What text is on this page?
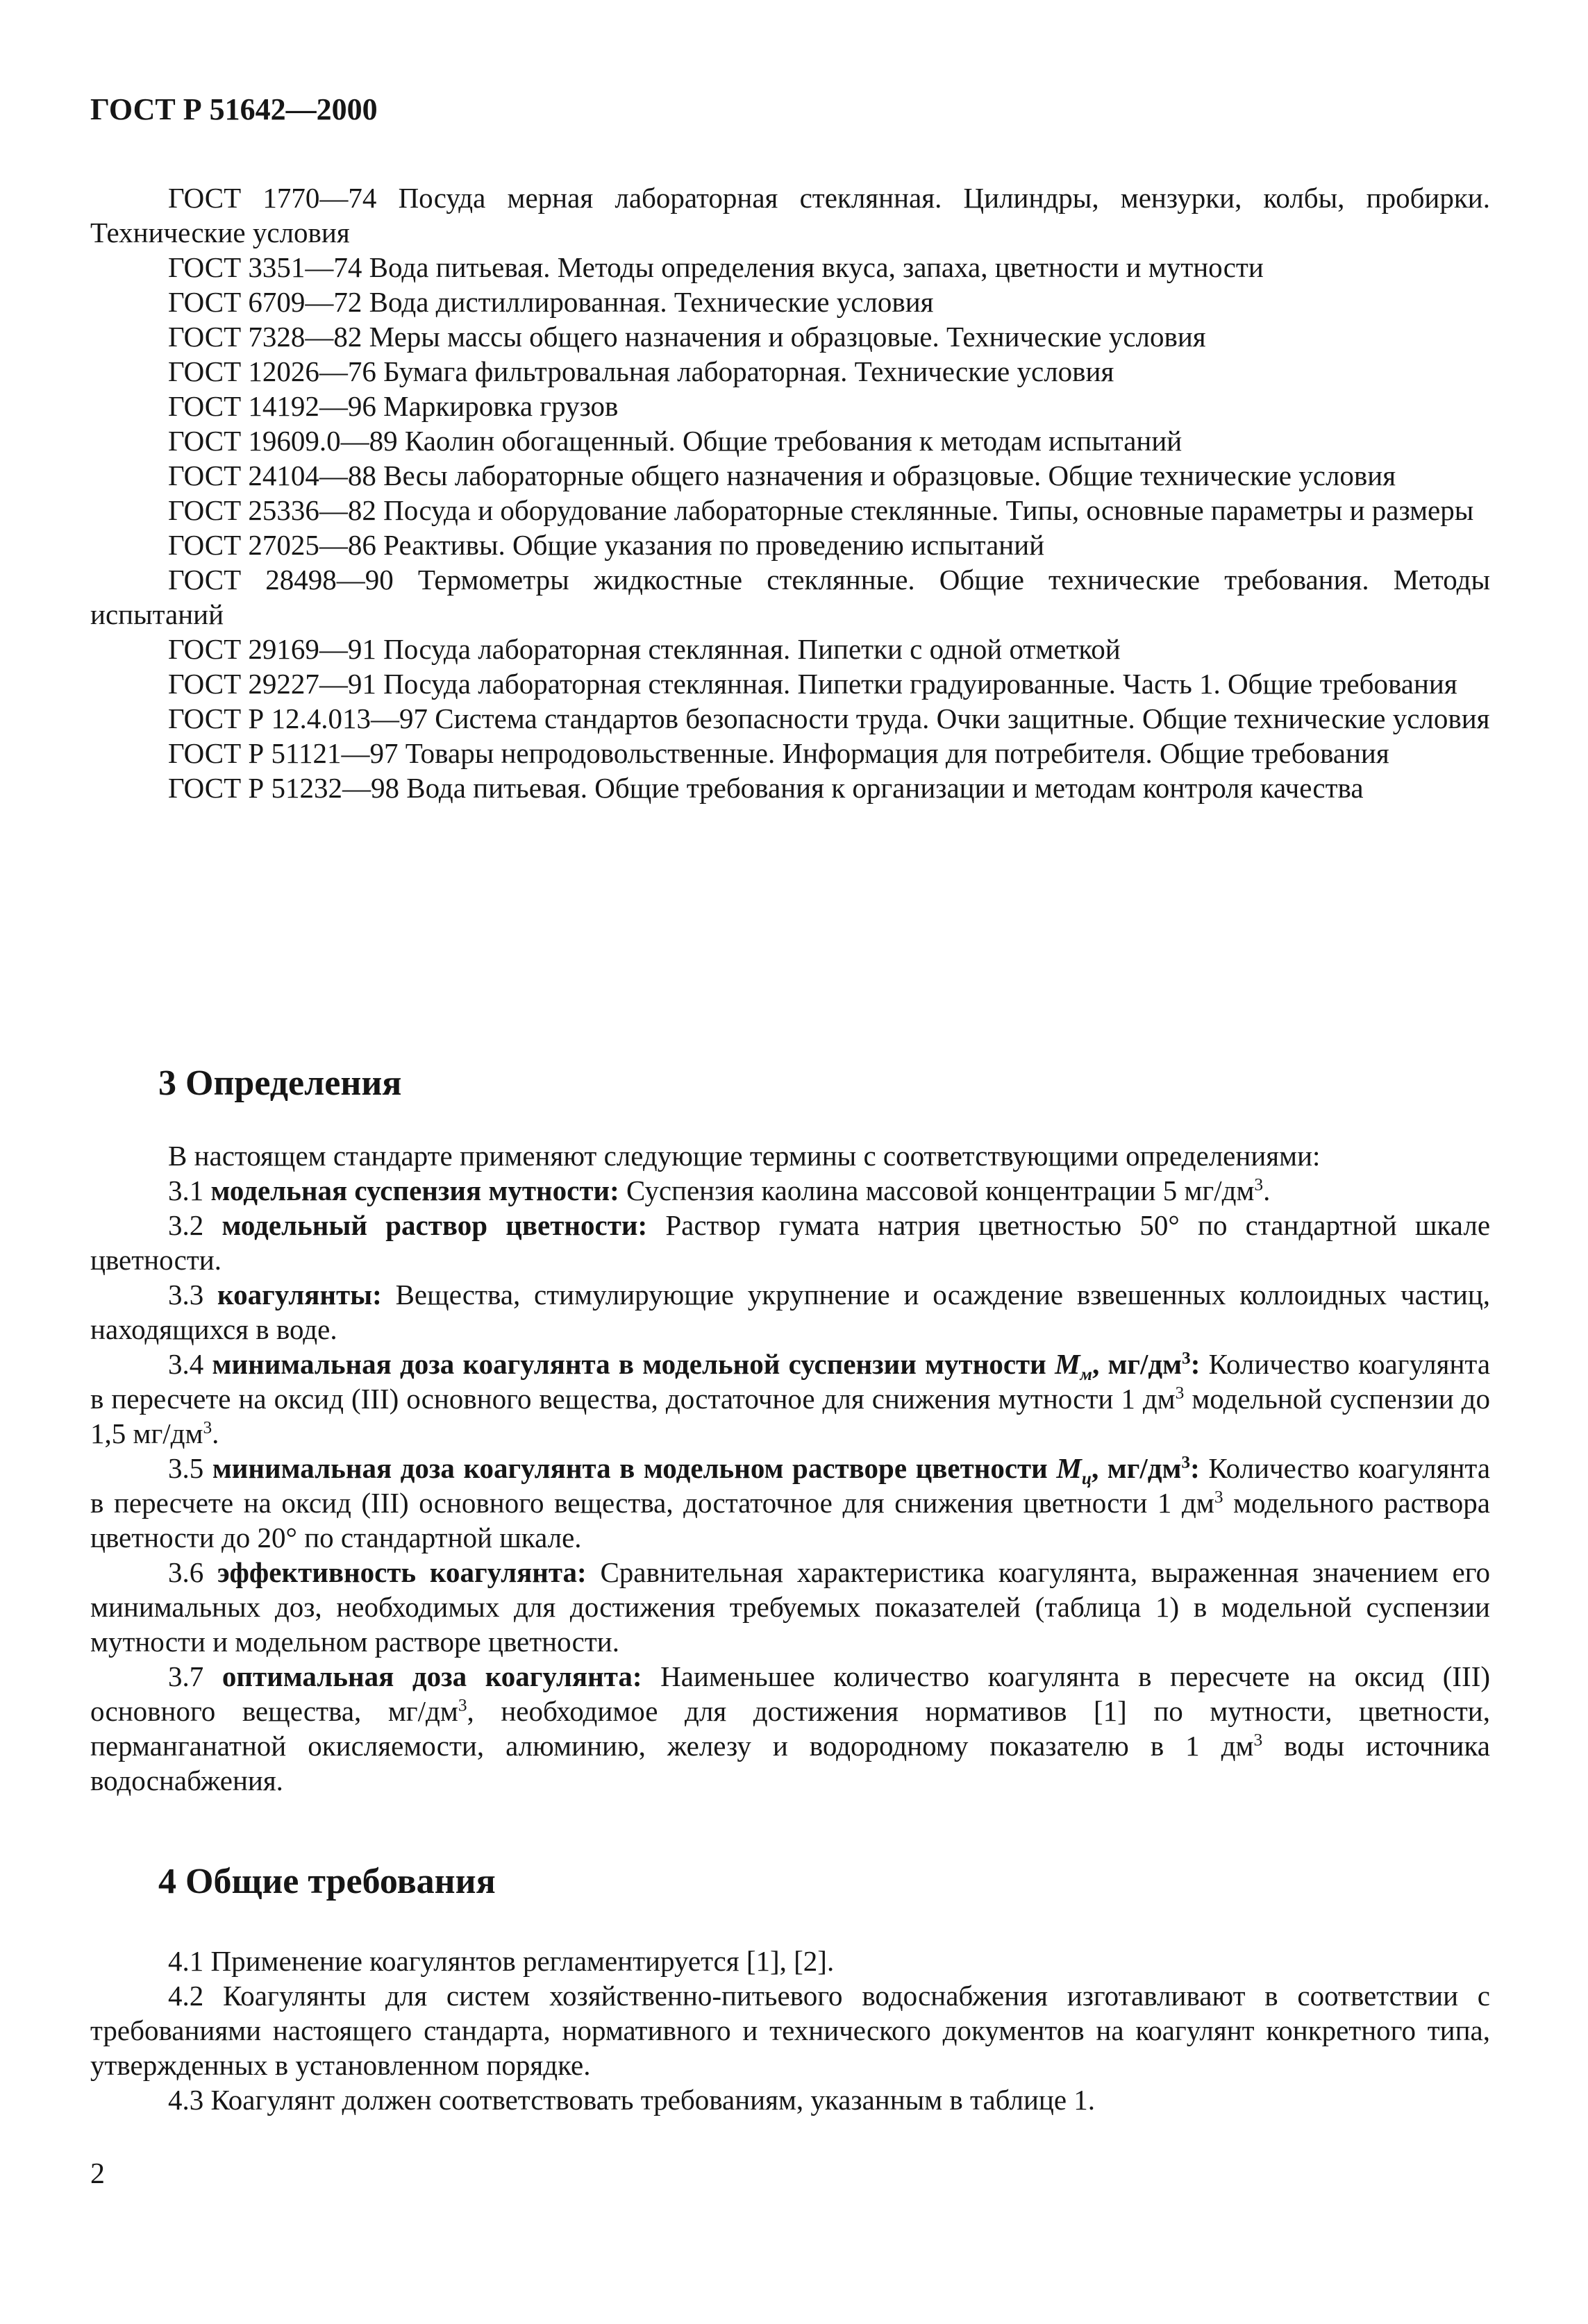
ГОСТ Р 51642—2000

ГОСТ 1770—74 Посуда мерная лабораторная стеклянная. Цилиндры, мензурки, колбы, пробирки. Технические условия

ГОСТ 3351—74 Вода питьевая. Методы определения вкуса, запаха, цветности и мутности

ГОСТ 6709—72 Вода дистиллированная. Технические условия

ГОСТ 7328—82 Меры массы общего назначения и образцовые. Технические условия

ГОСТ 12026—76 Бумага фильтровальная лабораторная. Технические условия

ГОСТ 14192—96 Маркировка грузов

ГОСТ 19609.0—89 Каолин обогащенный. Общие требования к методам испытаний

ГОСТ 24104—88 Весы лабораторные общего назначения и образцовые. Общие технические условия

ГОСТ 25336—82 Посуда и оборудование лабораторные стеклянные. Типы, основные параметры и размеры

ГОСТ 27025—86 Реактивы. Общие указания по проведению испытаний

ГОСТ 28498—90 Термометры жидкостные стеклянные. Общие технические требования. Методы испытаний

ГОСТ 29169—91 Посуда лабораторная стеклянная. Пипетки с одной отметкой

ГОСТ 29227—91 Посуда лабораторная стеклянная. Пипетки градуированные. Часть 1. Общие требования

ГОСТ Р 12.4.013—97 Система стандартов безопасности труда. Очки защитные. Общие технические условия

ГОСТ Р 51121—97 Товары непродовольственные. Информация для потребителя. Общие требования

ГОСТ Р 51232—98 Вода питьевая. Общие требования к организации и методам контроля качества

3 Определения

В настоящем стандарте применяют следующие термины с соответствующими определениями:

3.1 модельная суспензия мутности: Суспензия каолина массовой концентрации 5 $мг/дм^3$.

3.2 модельный раствор цветности: Раствор гумата натрия цветностью 50° по стандартной шкале цветности.

3.3 коагулянты: Вещества, стимулирующие укрупнение и осаждение взвешенных коллоидных частиц, находящихся в воде.

3.4 минимальная доза коагулянта в модельной суспензии мутности $М_м$, $мг/дм^3$: Количество коагулянта в пересчете на оксид (III) основного вещества, достаточное для снижения мутности 1 $дм^3$ модельной суспензии до 1,5 $мг/дм^3$.

3.5 минимальная доза коагулянта в модельном растворе цветности $М_ц$, $мг/дм^3$: Количество коагулянта в пересчете на оксид (III) основного вещества, достаточное для снижения цветности 1 $дм^3$ модельного раствора цветности до 20° по стандартной шкале.

3.6 эффективность коагулянта: Сравнительная характеристика коагулянта, выраженная значением его минимальных доз, необходимых для достижения требуемых показателей (таблица 1) в модельной суспензии мутности и модельном растворе цветности.

3.7 оптимальная доза коагулянта: Наименьшее количество коагулянта в пересчете на оксид (III) основного вещества, $мг/дм^3$, необходимое для достижения нормативов [1] по мутности, цветности, перманганатной окисляемости, алюминию, железу и водородному показателю в 1 $дм^3$ воды источника водоснабжения.

4 Общие требования

4.1 Применение коагулянтов регламентируется [1], [2].

4.2 Коагулянты для систем хозяйственно-питьевого водоснабжения изготавливают в соответствии с требованиями настоящего стандарта, нормативного и технического документов на коагулянт конкретного типа, утвержденных в установленном порядке.

4.3 Коагулянт должен соответствовать требованиям, указанным в таблице 1.

2
